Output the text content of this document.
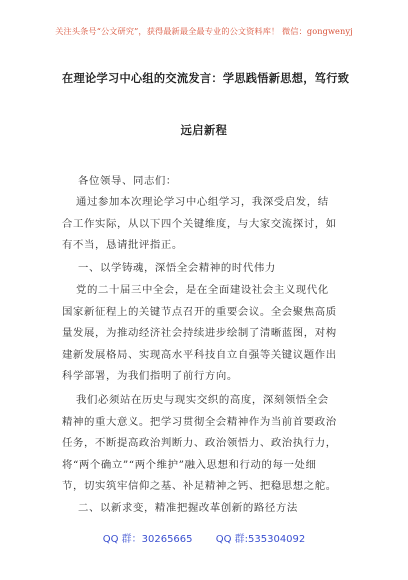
关注头条号“公文研究”，获得最新最全最专业的公文资料库！ 微信：gongwenyj
在理论学习中心组的交流发言：学思践悟新思想，笃行致
远启新程
各位领导、同志们：
通过参加本次理论学习中心组学习，我深受启发，结
合工作实际，从以下四个关键维度，与大家交流探讨，如
有不当，恳请批评指正。
一、以学铸魂，深悟全会精神的时代伟力
党的二十届三中全会，是在全面建设社会主义现代化
国家新征程上的关键节点召开的重要会议。全会聚焦高质
量发展，为推动经济社会持续进步绘制了清晰蓝图，对构
建新发展格局、实现高水平科技自立自强等关键议题作出
科学部署，为我们指明了前行方向。
我们必须站在历史与现实交织的高度，深刻领悟全会
精神的重大意义。把学习贯彻全会精神作为当前首要政治
任务，不断提高政治判断力、政治领悟力、政治执行力，
将“两个确立”“两个维护”融入思想和行动的每一处细
节，切实筑牢信仰之基、补足精神之钙、把稳思想之舵。
二、以新求变，精准把握改革创新的路径方法
QQ 群：30265665 QQ 群:535304092
